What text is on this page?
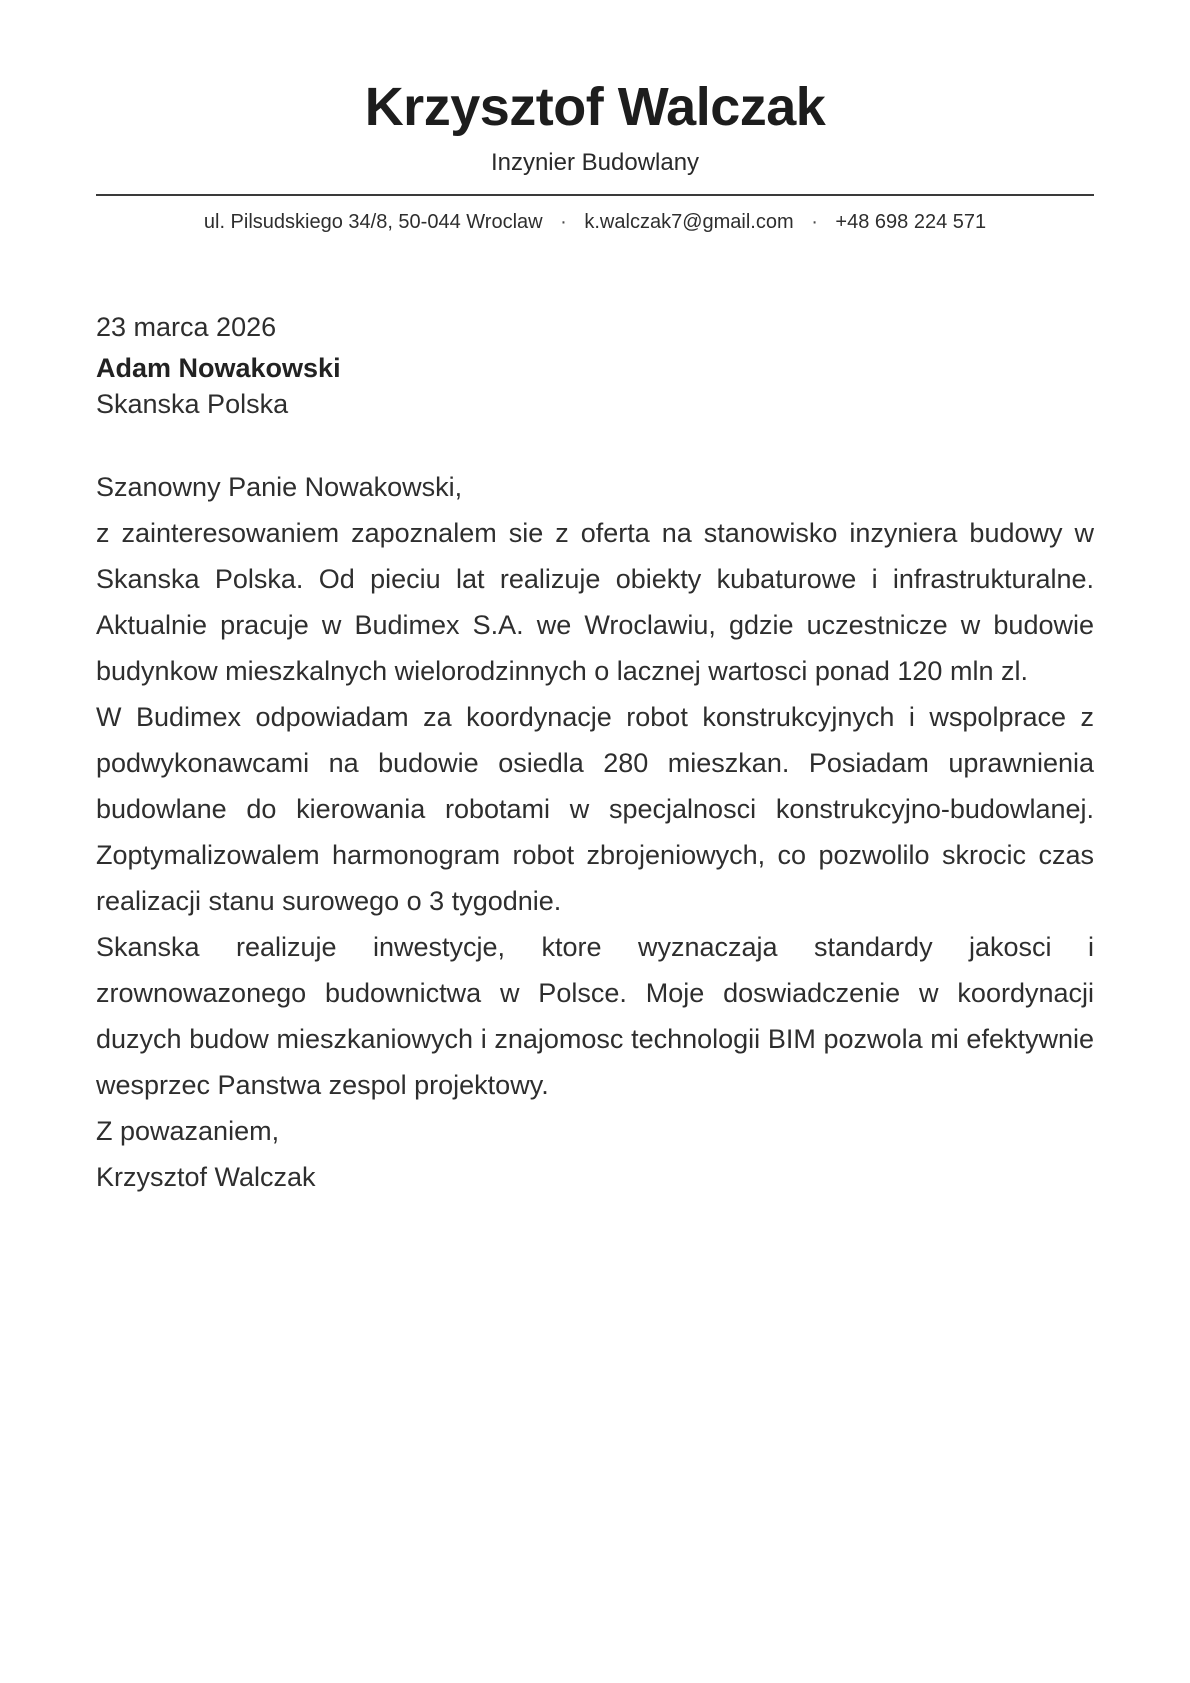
Krzysztof Walczak
Inzynier Budowlany
ul. Pilsudskiego 34/8, 50-044 Wroclaw · k.walczak7@gmail.com · +48 698 224 571

23 marca 2026

Adam Nowakowski

Skanska Polska

Szanowny Panie Nowakowski,

z zainteresowaniem zapoznalem sie z oferta na stanowisko inzyniera budowy w Skanska Polska. Od pieciu lat realizuje obiekty kubaturowe i infrastrukturalne. Aktualnie pracuje w Budimex S.A. we Wroclawiu, gdzie uczestnicze w budowie budynkow mieszkalnych wielorodzinnych o lacznej wartosci ponad 120 mln zl.

W Budimex odpowiadam za koordynacje robot konstrukcyjnych i wspolprace z podwykonawcami na budowie osiedla 280 mieszkan. Posiadam uprawnienia budowlane do kierowania robotami w specjalnosci konstrukcyjno-budowlanej. Zoptymalizowalem harmonogram robot zbrojeniowych, co pozwolilo skrocic czas realizacji stanu surowego o 3 tygodnie.

Skanska realizuje inwestycje, ktore wyznaczaja standardy jakosci i zrownowazonego budownictwa w Polsce. Moje doswiadczenie w koordynacji duzych budow mieszkaniowych i znajomosc technologii BIM pozwola mi efektywnie wesprzec Panstwa zespol projektowy.

Z powazaniem,

Krzysztof Walczak
